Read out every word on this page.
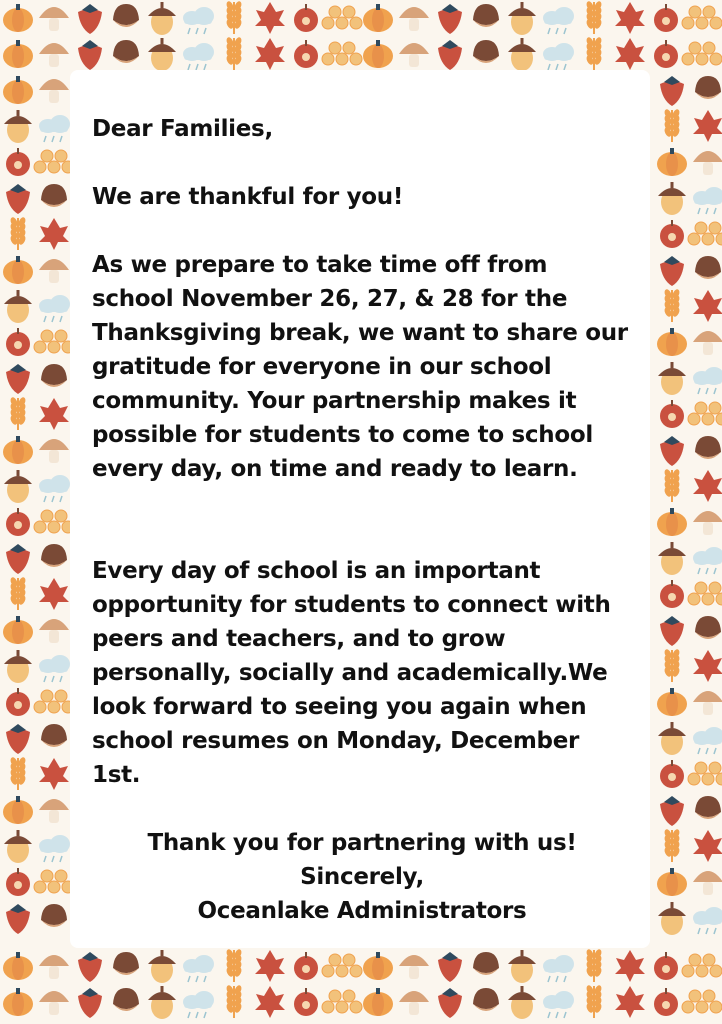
Dear Families,

We are thankful for you!

As we prepare to take time off from school November 26, 27, & 28 for the Thanksgiving break, we want to share our gratitude for everyone in our school community. Your partnership makes it possible for students to come to school every day, on time and ready to learn.

Every day of school is an important opportunity for students to connect with peers and teachers, and to grow personally, socially and academically.We look forward to seeing you again when school resumes on Monday, December 1st.

Thank you for partnering with us!
Sincerely,
Oceanlake Administrators
